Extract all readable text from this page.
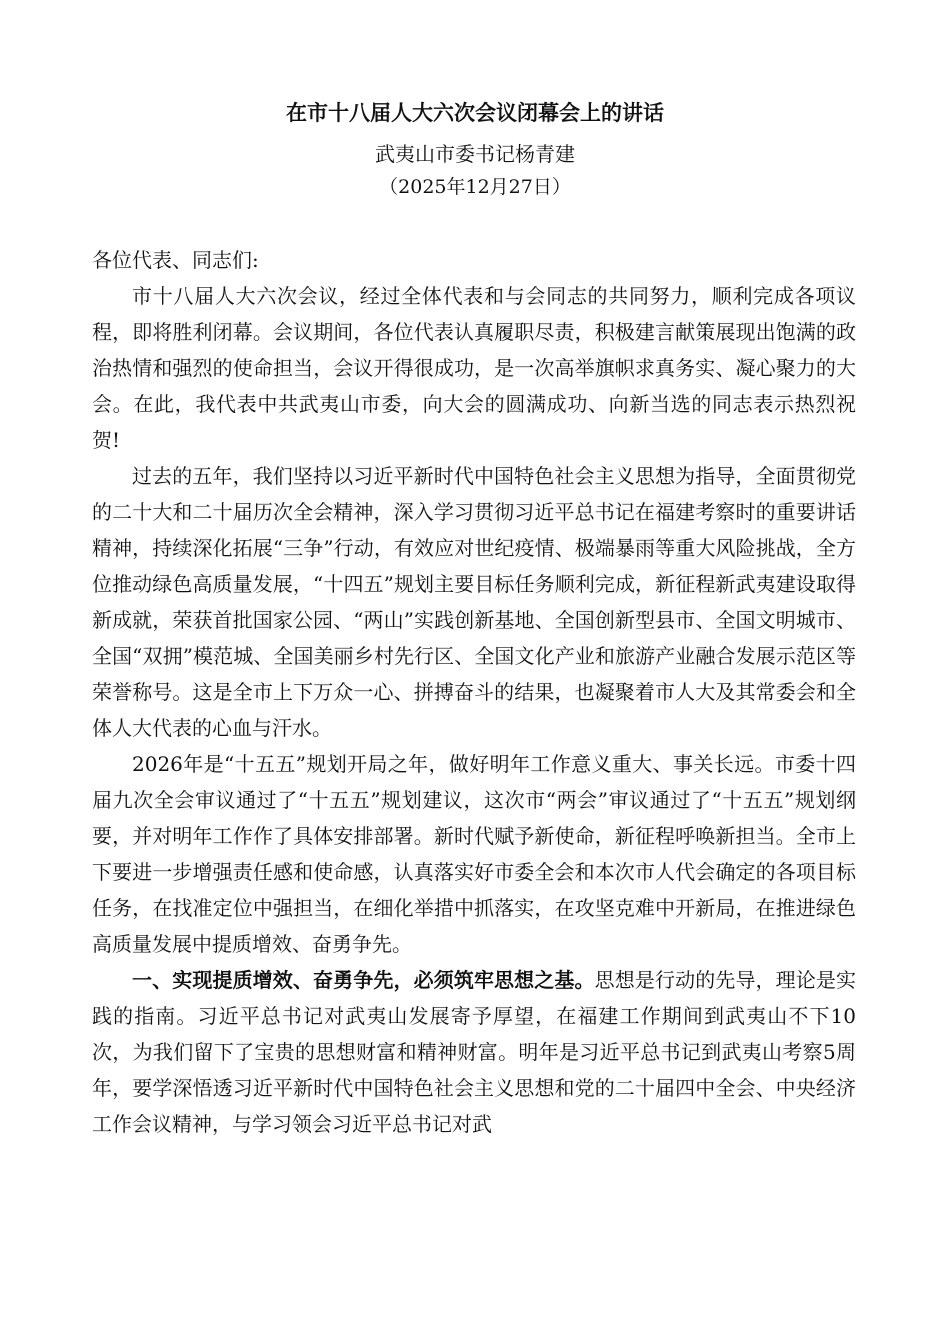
在市十八届人大六次会议闭幕会上的讲话
武夷山市委书记杨青建
（2025年12月27日）

各位代表、同志们:

市十八届人大六次会议，经过全体代表和与会同志的共同努力，顺利完成各项议程，即将胜利闭幕。会议期间，各位代表认真履职尽责，积极建言献策展现出饱满的政治热情和强烈的使命担当，会议开得很成功，是一次高举旗帜求真务实、凝心聚力的大会。在此，我代表中共武夷山市委，向大会的圆满成功、向新当选的同志表示热烈祝贺!

过去的五年，我们坚持以习近平新时代中国特色社会主义思想为指导，全面贯彻党的二十大和二十届历次全会精神，深入学习贯彻习近平总书记在福建考察时的重要讲话精神，持续深化拓展“三争”行动，有效应对世纪疫情、极端暴雨等重大风险挑战，全方位推动绿色高质量发展，“十四五”规划主要目标任务顺利完成，新征程新武夷建设取得新成就，荣获首批国家公园、“两山”实践创新基地、全国创新型县市、全国文明城市、全国“双拥”模范城、全国美丽乡村先行区、全国文化产业和旅游产业融合发展示范区等荣誉称号。这是全市上下万众一心、拼搏奋斗的结果，也凝聚着市人大及其常委会和全体人大代表的心血与汗水。

2026年是“十五五”规划开局之年，做好明年工作意义重大、事关长远。市委十四届九次全会审议通过了“十五五”规划建议，这次市“两会”审议通过了“十五五”规划纲要，并对明年工作作了具体安排部署。新时代赋予新使命，新征程呼唤新担当。全市上下要进一步增强责任感和使命感，认真落实好市委全会和本次市人代会确定的各项目标任务，在找准定位中强担当，在细化举措中抓落实，在攻坚克难中开新局，在推进绿色高质量发展中提质增效、奋勇争先。

一、实现提质增效、奋勇争先，必须筑牢思想之基。思想是行动的先导，理论是实践的指南。习近平总书记对武夷山发展寄予厚望，在福建工作期间到武夷山不下10次，为我们留下了宝贵的思想财富和精神财富。明年是习近平总书记到武夷山考察5周年，要学深悟透习近平新时代中国特色社会主义思想和党的二十届四中全会、中央经济工作会议精神，与学习领会习近平总书记对武
